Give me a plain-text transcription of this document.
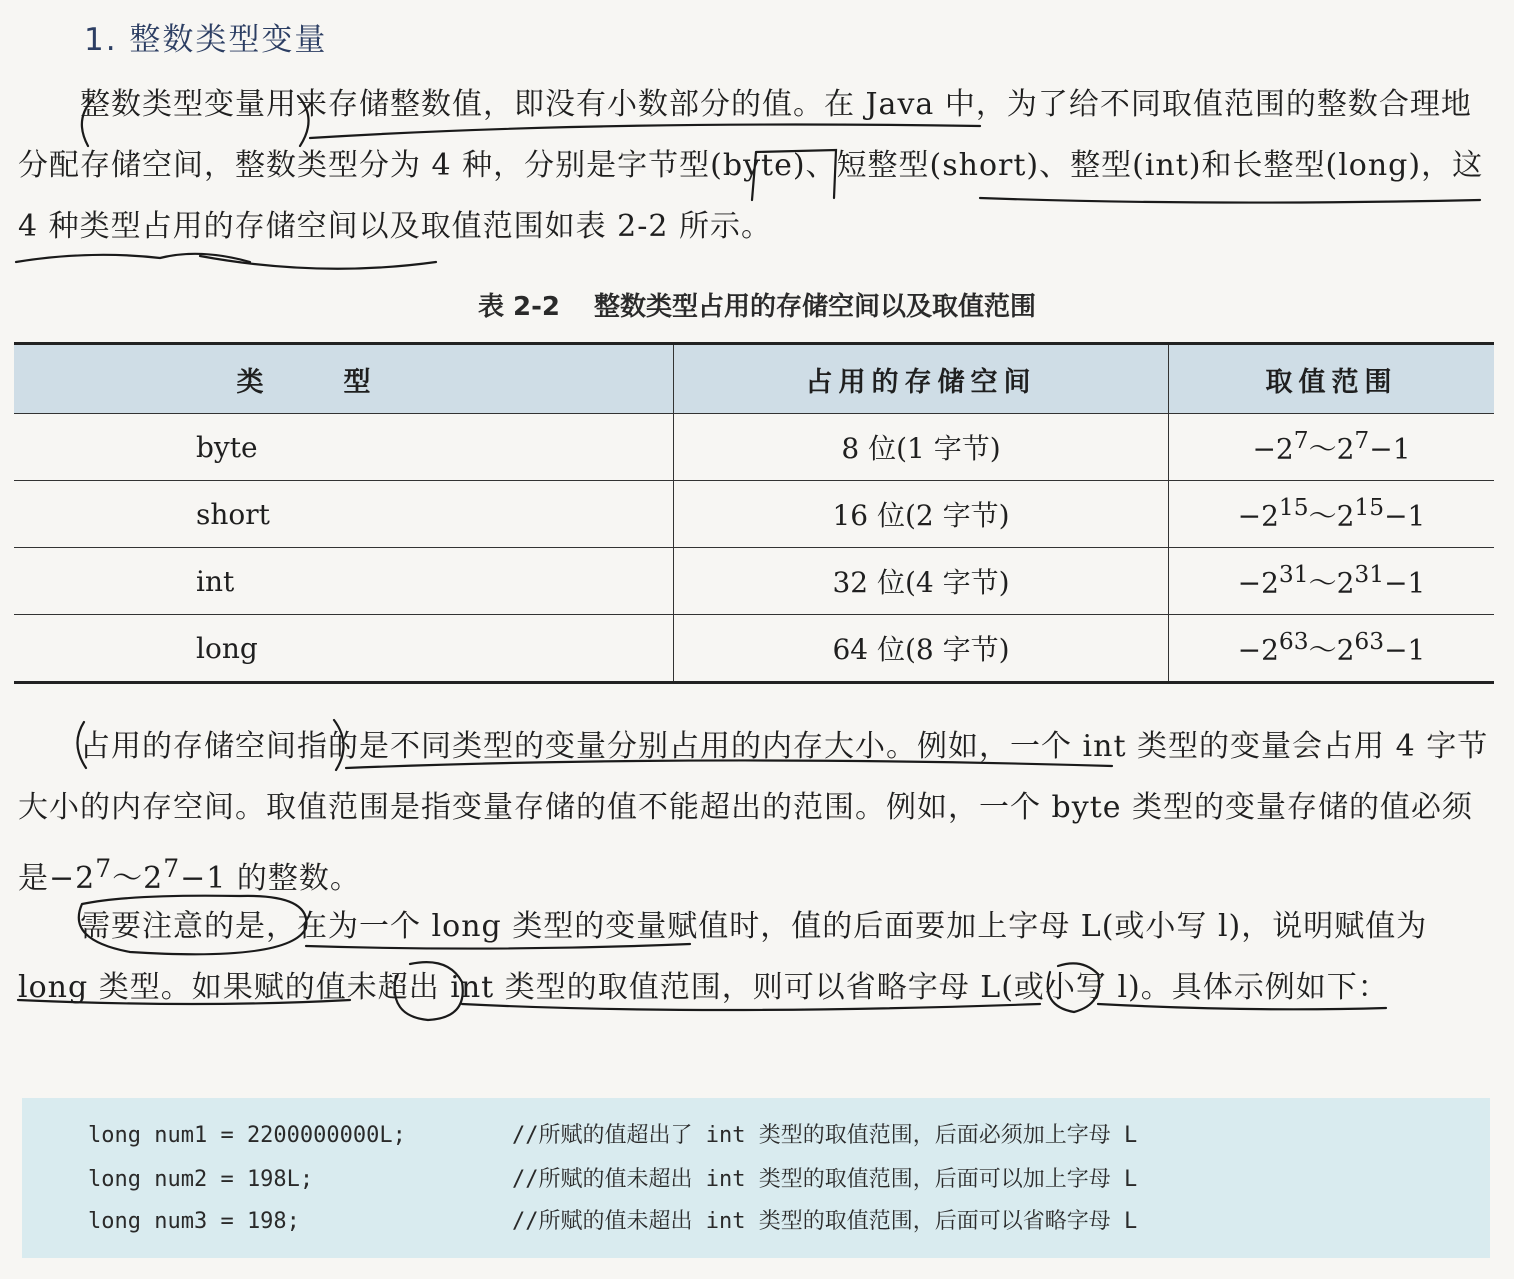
1. 整数类型变量

整数类型变量用来存储整数值，即没有小数部分的值。在 Java 中，为了给不同取值范围的整数合理地分配存储空间，整数类型分为 4 种，分别是字节型(byte)、短整型(short)、整型(int)和长整型(long)，这 4 种类型占用的存储空间以及取值范围如表 2-2 所示。

表 2-2 整数类型占用的存储空间以及取值范围
类型	占用的存储空间	取值范围
byte	8 位(1 字节)	$-2^7\sim 2^7-1$
short	16 位(2 字节)	$-2^{15}\sim 2^{15}-1$
int	32 位(4 字节)	$-2^{31}\sim 2^{31}-1$
long	64 位(8 字节)	$-2^{63}\sim 2^{63}-1$

占用的存储空间指的是不同类型的变量分别占用的内存大小。例如，一个 int 类型的变量会占用 4 字节大小的内存空间。取值范围是指变量存储的值不能超出的范围。例如，一个 byte 类型的变量存储的值必须是$-2^7\sim 2^7-1$ 的整数。

需要注意的是，在为一个 long 类型的变量赋值时，值的后面要加上字母 L(或小写 l)，说明赋值为 long 类型。如果赋的值未超出 int 类型的取值范围，则可以省略字母 L(或小写 l)。具体示例如下：

long num1 = 2200000000L;	//所赋的值超出了 int 类型的取值范围，后面必须加上字母 L
long num2 = 198L;	//所赋的值未超出 int 类型的取值范围，后面可以加上字母 L
long num3 = 198;	//所赋的值未超出 int 类型的取值范围，后面可以省略字母 L
